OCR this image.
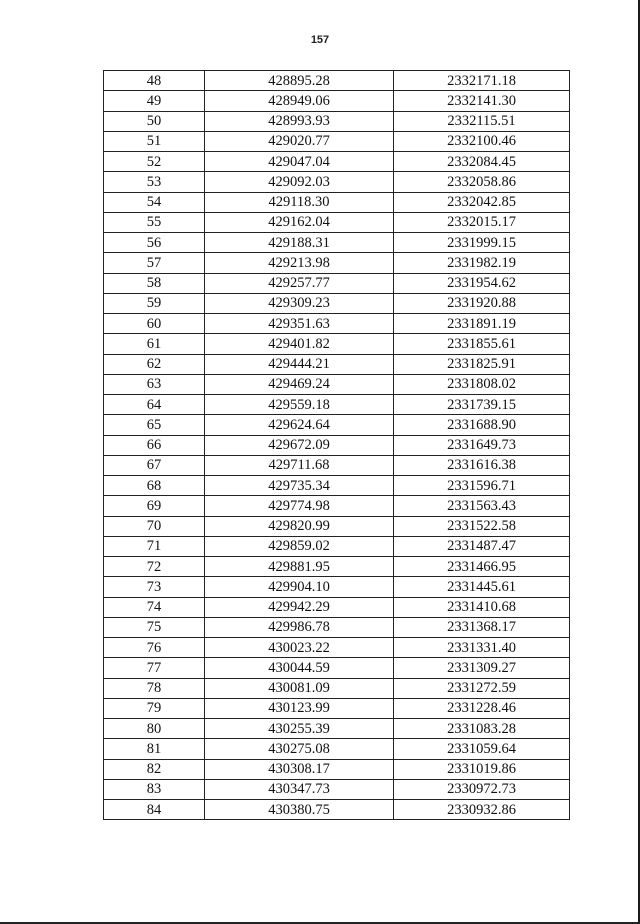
157
48	428895.28	2332171.18
49	428949.06	2332141.30
50	428993.93	2332115.51
51	429020.77	2332100.46
52	429047.04	2332084.45
53	429092.03	2332058.86
54	429118.30	2332042.85
55	429162.04	2332015.17
56	429188.31	2331999.15
57	429213.98	2331982.19
58	429257.77	2331954.62
59	429309.23	2331920.88
60	429351.63	2331891.19
61	429401.82	2331855.61
62	429444.21	2331825.91
63	429469.24	2331808.02
64	429559.18	2331739.15
65	429624.64	2331688.90
66	429672.09	2331649.73
67	429711.68	2331616.38
68	429735.34	2331596.71
69	429774.98	2331563.43
70	429820.99	2331522.58
71	429859.02	2331487.47
72	429881.95	2331466.95
73	429904.10	2331445.61
74	429942.29	2331410.68
75	429986.78	2331368.17
76	430023.22	2331331.40
77	430044.59	2331309.27
78	430081.09	2331272.59
79	430123.99	2331228.46
80	430255.39	2331083.28
81	430275.08	2331059.64
82	430308.17	2331019.86
83	430347.73	2330972.73
84	430380.75	2330932.86
